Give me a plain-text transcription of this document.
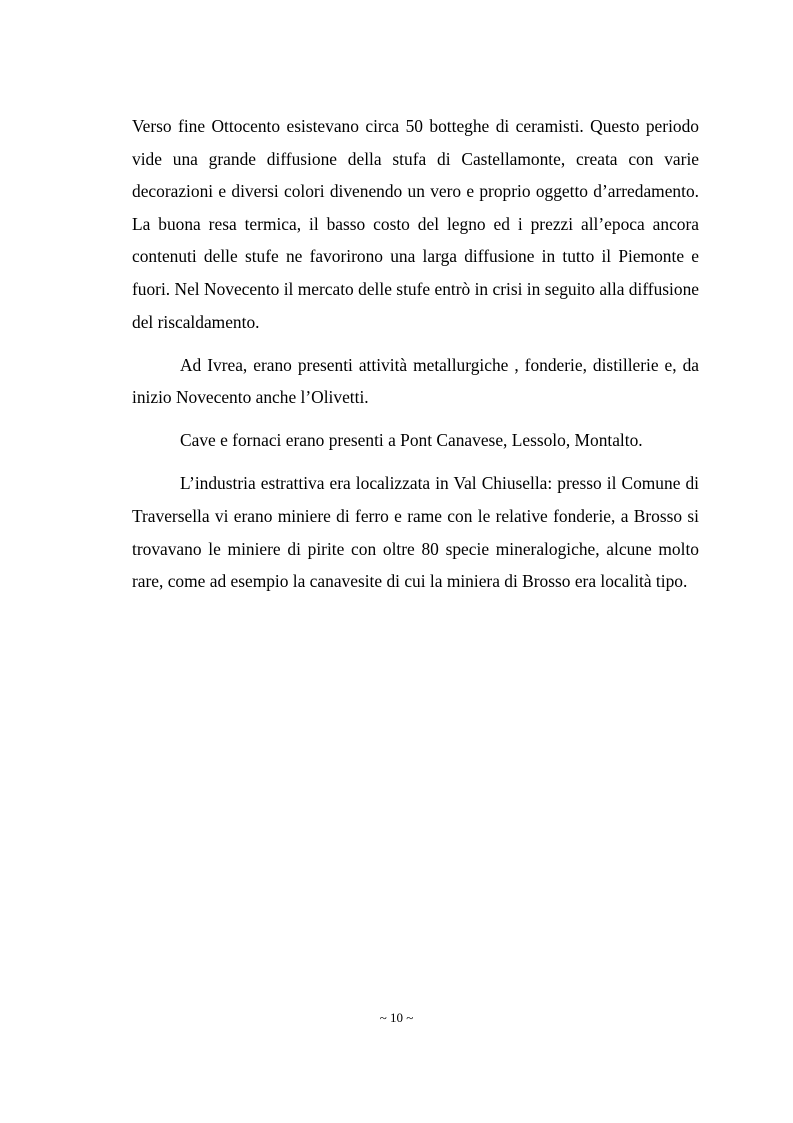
Verso fine Ottocento esistevano circa 50 botteghe di ceramisti. Questo periodo vide una grande diffusione della stufa di Castellamonte, creata con varie decorazioni e diversi colori divenendo un vero e proprio oggetto d’arredamento. La buona resa termica, il basso costo del legno ed i prezzi all’epoca ancora contenuti delle stufe ne favorirono una larga diffusione in tutto il Piemonte e fuori. Nel Novecento il mercato delle stufe entrò in crisi in seguito alla diffusione del riscaldamento.

Ad Ivrea, erano presenti attività metallurgiche , fonderie, distillerie e, da inizio Novecento anche l’Olivetti.

Cave e fornaci erano presenti a Pont Canavese, Lessolo, Montalto.

L’industria estrattiva era localizzata in Val Chiusella: presso il Comune di Traversella vi erano miniere di ferro e rame con le relative fonderie, a Brosso si trovavano le miniere di pirite con oltre 80 specie mineralogiche, alcune molto rare, come ad esempio la canavesite di cui la miniera di Brosso era località tipo.

~ 10 ~
